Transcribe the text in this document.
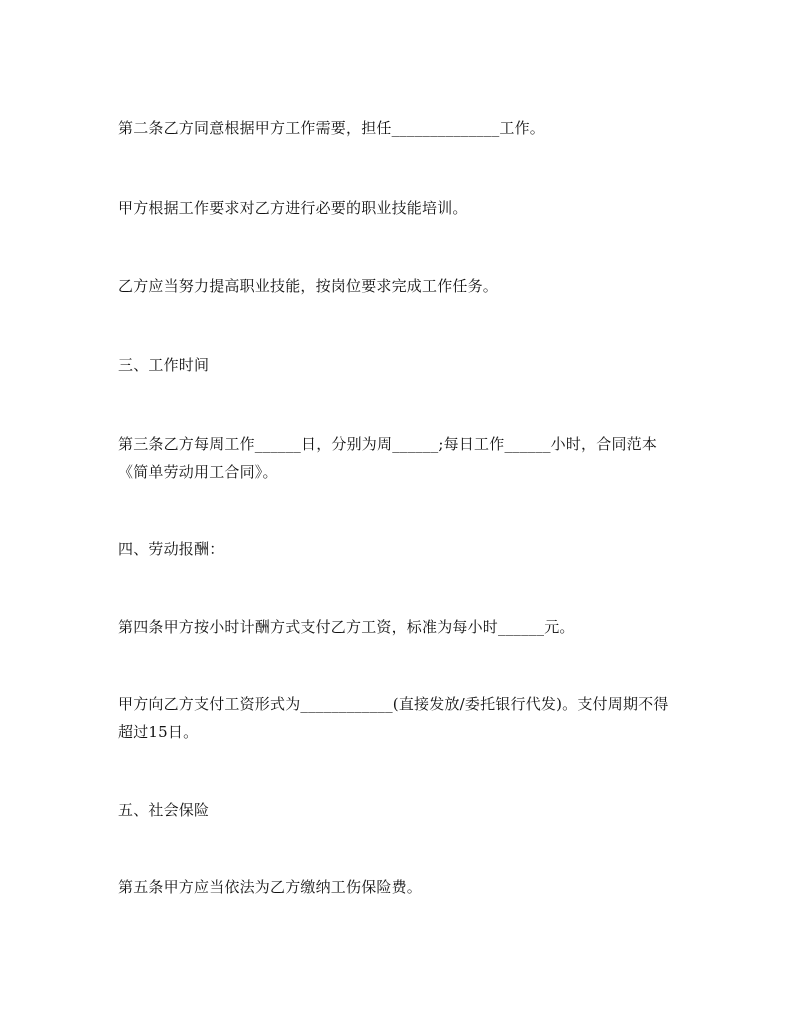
第二条乙方同意根据甲方工作需要，担任______________工作。

甲方根据工作要求对乙方进行必要的职业技能培训。

乙方应当努力提高职业技能，按岗位要求完成工作任务。

三、工作时间

第三条乙方每周工作______日，分别为周______;每日工作______小时，合同范本《简单劳动用工合同》。

四、劳动报酬：

第四条甲方按小时计酬方式支付乙方工资，标准为每小时______元。

甲方向乙方支付工资形式为____________(直接发放/委托银行代发)。支付周期不得超过15日。

五、社会保险

第五条甲方应当依法为乙方缴纳工伤保险费。
